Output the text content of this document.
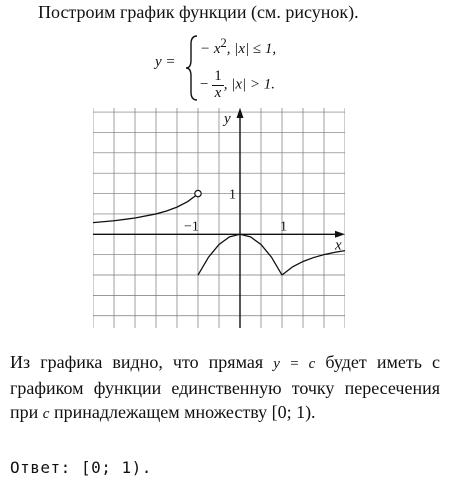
Построим график функции (см. рисунок).
y =
− $x^2$, |x| ≤ 1,
− $\frac{1}{x}$ , |x| > 1.
x
y
−1	1
1
Из графика видно, что прямая y = c будет иметь с графиком функции единственную точку пересечения при c принадлежащем множеству [0; 1).
Ответ: [0; 1).
